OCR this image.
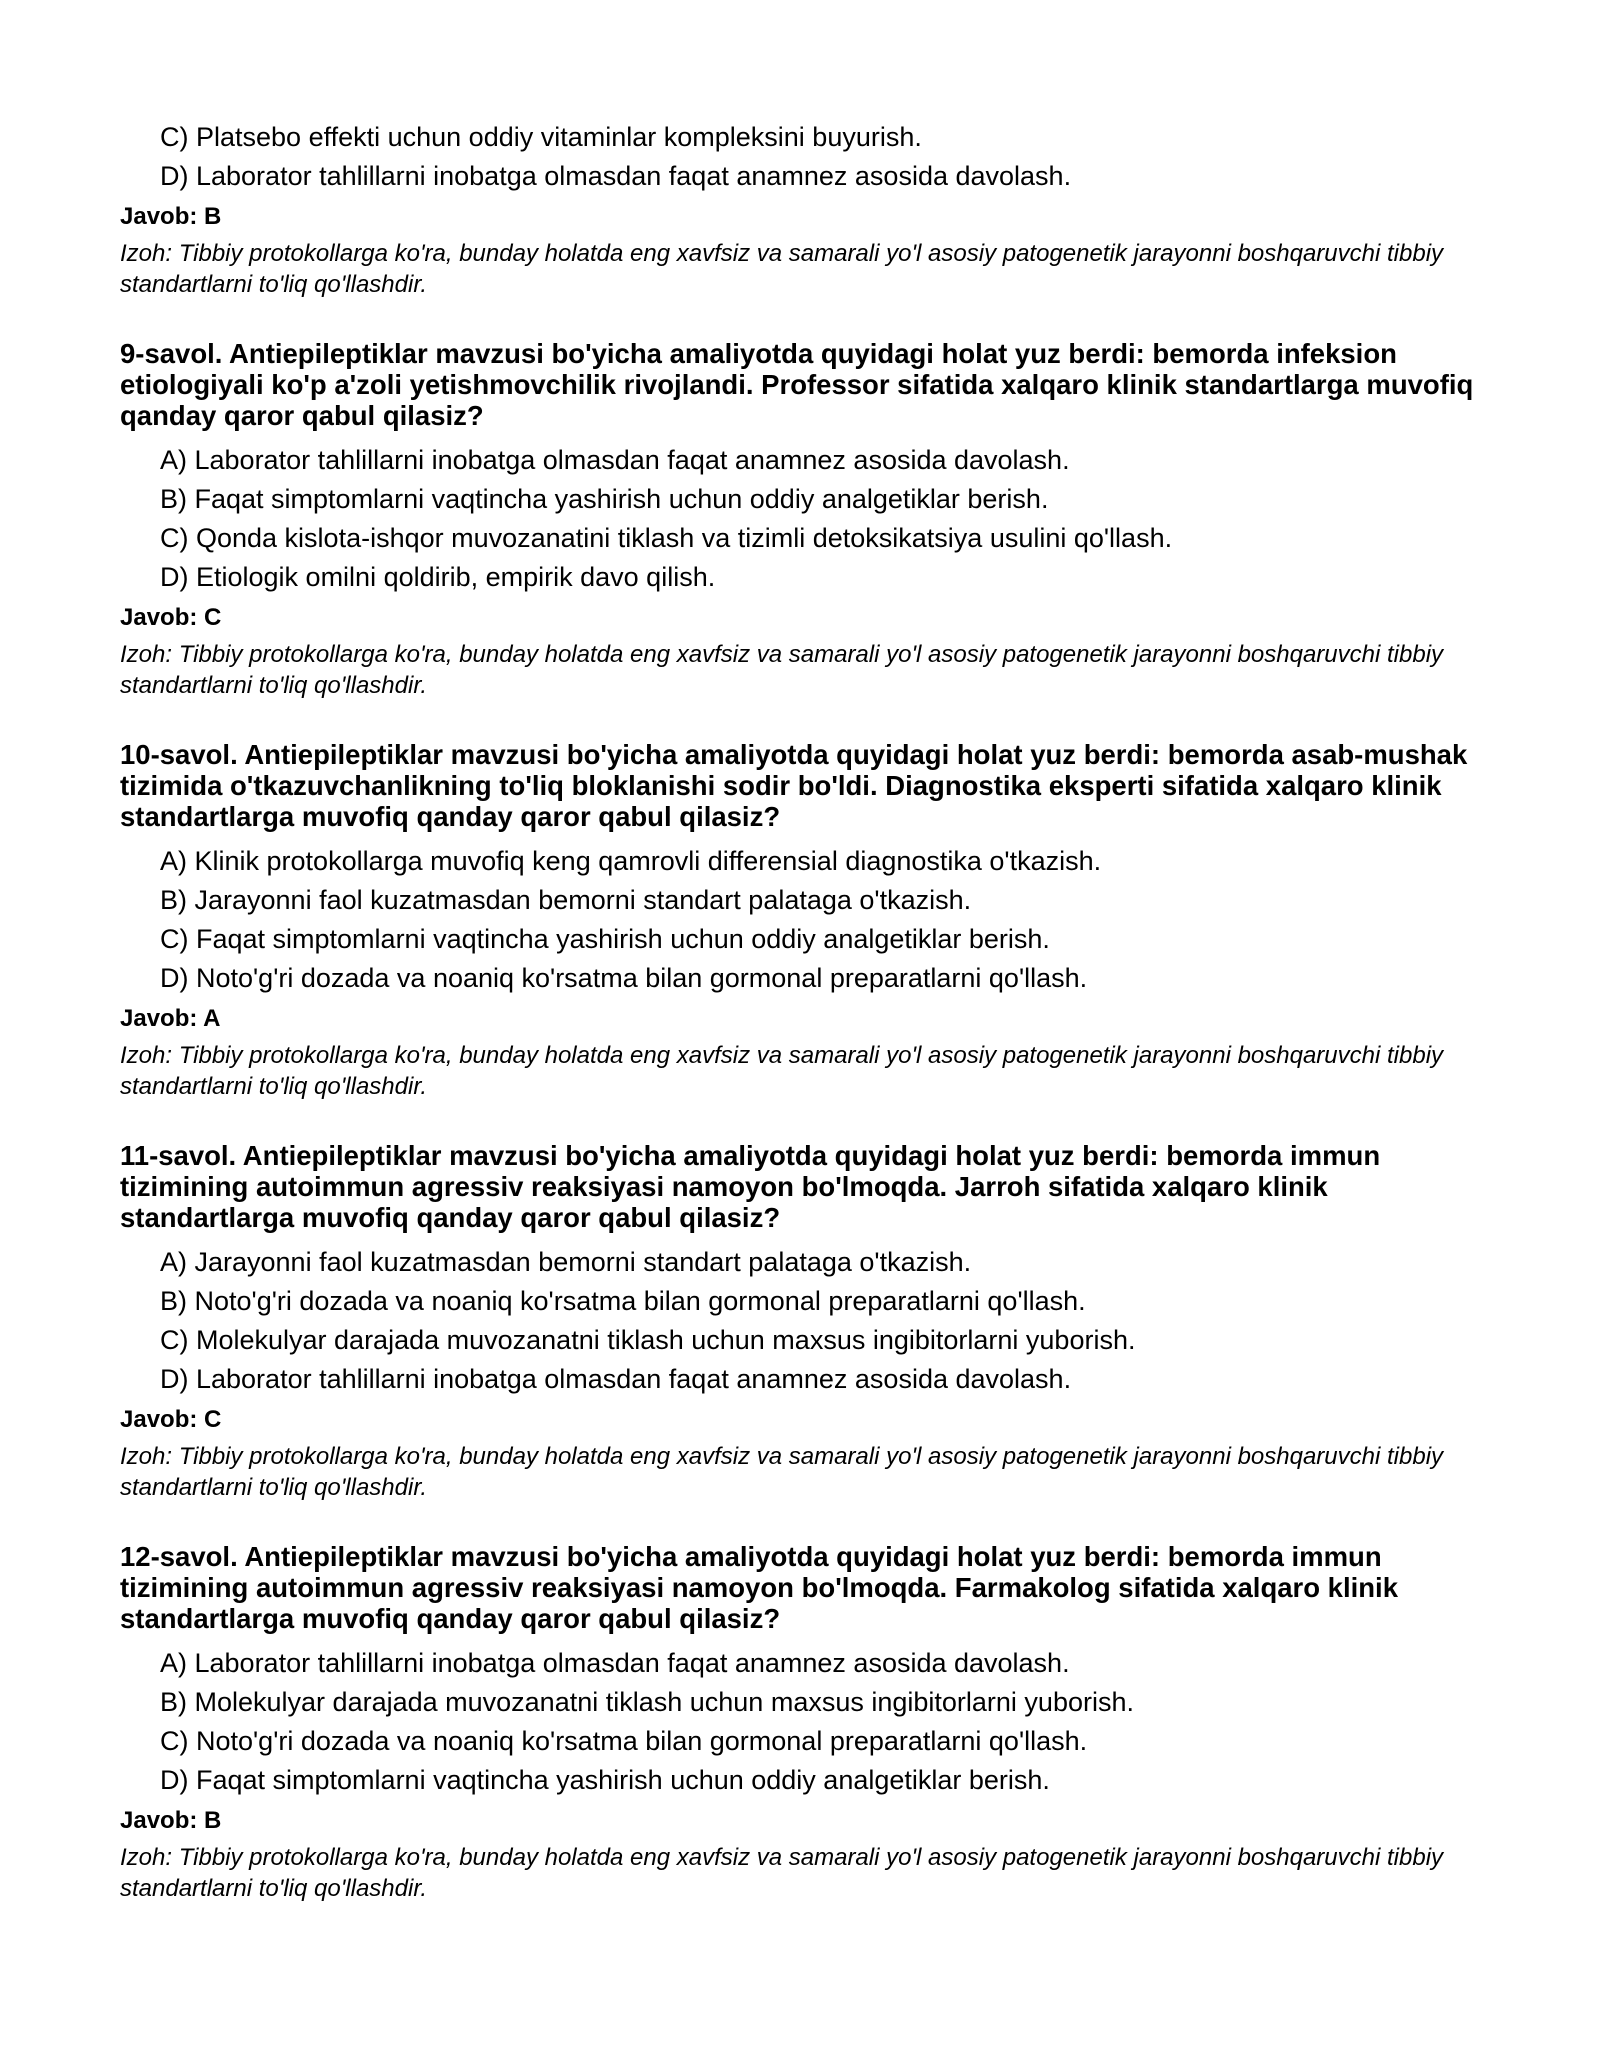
C) Platsebo effekti uchun oddiy vitaminlar kompleksini buyurish.
D) Laborator tahlillarni inobatga olmasdan faqat anamnez asosida davolash.
Javob: B
Izoh: Tibbiy protokollarga ko'ra, bunday holatda eng xavfsiz va samarali yo'l asosiy patogenetik jarayonni boshqaruvchi tibbiy standartlarni to'liq qo'llashdir.
9-savol. Antiepileptiklar mavzusi bo'yicha amaliyotda quyidagi holat yuz berdi: bemorda infeksion etiologiyali ko'p a'zoli yetishmovchilik rivojlandi. Professor sifatida xalqaro klinik standartlarga muvofiq qanday qaror qabul qilasiz?
A) Laborator tahlillarni inobatga olmasdan faqat anamnez asosida davolash.
B) Faqat simptomlarni vaqtincha yashirish uchun oddiy analgetiklar berish.
C) Qonda kislota-ishqor muvozanatini tiklash va tizimli detoksikatsiya usulini qo'llash.
D) Etiologik omilni qoldirib, empirik davo qilish.
Javob: C
Izoh: Tibbiy protokollarga ko'ra, bunday holatda eng xavfsiz va samarali yo'l asosiy patogenetik jarayonni boshqaruvchi tibbiy standartlarni to'liq qo'llashdir.
10-savol. Antiepileptiklar mavzusi bo'yicha amaliyotda quyidagi holat yuz berdi: bemorda asab-mushak tizimida o'tkazuvchanlikning to'liq bloklanishi sodir bo'ldi. Diagnostika eksperti sifatida xalqaro klinik standartlarga muvofiq qanday qaror qabul qilasiz?
A) Klinik protokollarga muvofiq keng qamrovli differensial diagnostika o'tkazish.
B) Jarayonni faol kuzatmasdan bemorni standart palataga o'tkazish.
C) Faqat simptomlarni vaqtincha yashirish uchun oddiy analgetiklar berish.
D) Noto'g'ri dozada va noaniq ko'rsatma bilan gormonal preparatlarni qo'llash.
Javob: A
Izoh: Tibbiy protokollarga ko'ra, bunday holatda eng xavfsiz va samarali yo'l asosiy patogenetik jarayonni boshqaruvchi tibbiy standartlarni to'liq qo'llashdir.
11-savol. Antiepileptiklar mavzusi bo'yicha amaliyotda quyidagi holat yuz berdi: bemorda immun tizimining autoimmun agressiv reaksiyasi namoyon bo'lmoqda. Jarroh sifatida xalqaro klinik standartlarga muvofiq qanday qaror qabul qilasiz?
A) Jarayonni faol kuzatmasdan bemorni standart palataga o'tkazish.
B) Noto'g'ri dozada va noaniq ko'rsatma bilan gormonal preparatlarni qo'llash.
C) Molekulyar darajada muvozanatni tiklash uchun maxsus ingibitorlarni yuborish.
D) Laborator tahlillarni inobatga olmasdan faqat anamnez asosida davolash.
Javob: C
Izoh: Tibbiy protokollarga ko'ra, bunday holatda eng xavfsiz va samarali yo'l asosiy patogenetik jarayonni boshqaruvchi tibbiy standartlarni to'liq qo'llashdir.
12-savol. Antiepileptiklar mavzusi bo'yicha amaliyotda quyidagi holat yuz berdi: bemorda immun tizimining autoimmun agressiv reaksiyasi namoyon bo'lmoqda. Farmakolog sifatida xalqaro klinik standartlarga muvofiq qanday qaror qabul qilasiz?
A) Laborator tahlillarni inobatga olmasdan faqat anamnez asosida davolash.
B) Molekulyar darajada muvozanatni tiklash uchun maxsus ingibitorlarni yuborish.
C) Noto'g'ri dozada va noaniq ko'rsatma bilan gormonal preparatlarni qo'llash.
D) Faqat simptomlarni vaqtincha yashirish uchun oddiy analgetiklar berish.
Javob: B
Izoh: Tibbiy protokollarga ko'ra, bunday holatda eng xavfsiz va samarali yo'l asosiy patogenetik jarayonni boshqaruvchi tibbiy standartlarni to'liq qo'llashdir.
